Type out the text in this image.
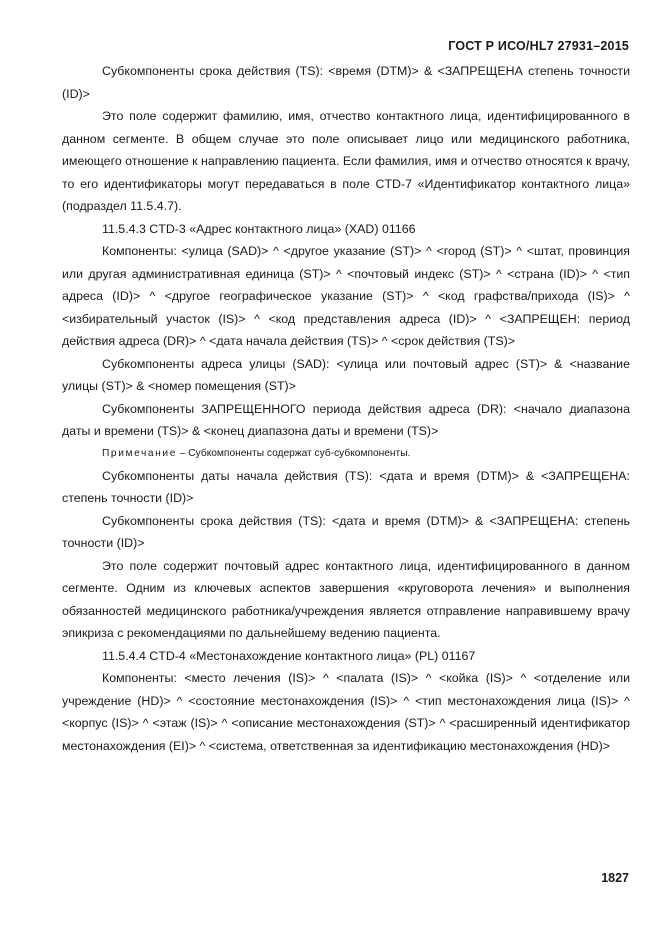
ГОСТ Р ИСО/HL7 27931–2015

Субкомпоненты срока действия (TS): <время (DTM)> & <ЗАПРЕЩЕНА степень точности (ID)>

Это поле содержит фамилию, имя, отчество контактного лица, идентифицированного в данном сегменте. В общем случае это поле описывает лицо или медицинского работника, имеющего отношение к направлению пациента. Если фамилия, имя и отчество относятся к врачу, то его идентификаторы могут передаваться в поле CTD-7 «Идентификатор контактного лица» (подраздел 11.5.4.7).

11.5.4.3 CTD-3 «Адрес контактного лица» (XAD) 01166

Компоненты: <улица (SAD)> ^ <другое указание (ST)> ^ <город (ST)> ^ <штат, провинция или другая административная единица (ST)> ^ <почтовый индекс (ST)> ^ <страна (ID)> ^ <тип адреса (ID)> ^ <другое географическое указание (ST)> ^ <код графства/прихода (IS)> ^ <избирательный участок (IS)> ^ <код представления адреса (ID)> ^ <ЗАПРЕЩЕН: период действия адреса (DR)> ^ <дата начала действия (TS)> ^ <срок действия (TS)>

Субкомпоненты адреса улицы (SAD): <улица или почтовый адрес (ST)> & <название улицы (ST)> & <номер помещения (ST)>

Субкомпоненты ЗАПРЕЩЕННОГО периода действия адреса (DR): <начало диапазона даты и времени (TS)> & <конец диапазона даты и времени (TS)>

Примечание – Субкомпоненты содержат суб-субкомпоненты.

Субкомпоненты даты начала действия (TS): <дата и время (DTM)> & <ЗАПРЕЩЕНА: степень точности (ID)>

Субкомпоненты срока действия (TS): <дата и время (DTM)> & <ЗАПРЕЩЕНА: степень точности (ID)>

Это поле содержит почтовый адрес контактного лица, идентифицированного в данном сегменте. Одним из ключевых аспектов завершения «круговорота лечения» и выполнения обязанностей медицинского работника/учреждения является отправление направившему врачу эпикриза с рекомендациями по дальнейшему ведению пациента.

11.5.4.4 CTD-4 «Местонахождение контактного лица» (PL) 01167

Компоненты: <место лечения (IS)> ^ <палата (IS)> ^ <койка (IS)> ^ <отделение или учреждение (HD)> ^ <состояние местонахождения (IS)> ^ <тип местонахождения лица (IS)> ^ <корпус (IS)> ^ <этаж (IS)> ^ <описание местонахождения (ST)> ^ <расширенный идентификатор местонахождения (EI)> ^ <система, ответственная за идентификацию местонахождения (HD)>

1827
